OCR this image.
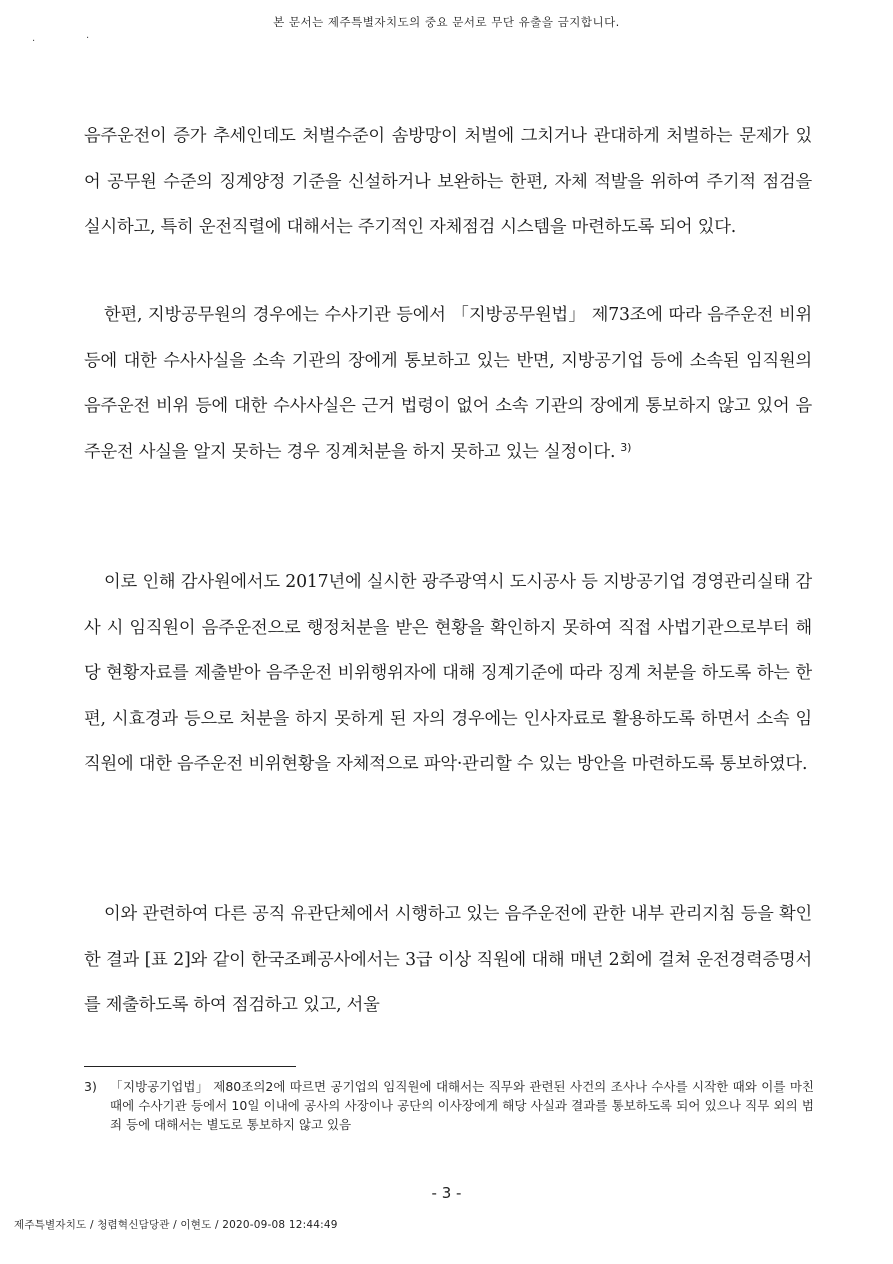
본 문서는 제주특별자치도의 중요 문서로 무단 유출을 금지합니다.
·	·

음주운전이 증가 추세인데도 처벌수준이 솜방망이 처벌에 그치거나 관대하게 처벌하는 문제가 있어 공무원 수준의 징계양정 기준을 신설하거나 보완하는 한편, 자체 적발을 위하여 주기적 점검을 실시하고, 특히 운전직렬에 대해서는 주기적인 자체점검 시스템을 마련하도록 되어 있다.

한편, 지방공무원의 경우에는 수사기관 등에서 「지방공무원법」 제73조에 따라 음주운전 비위 등에 대한 수사사실을 소속 기관의 장에게 통보하고 있는 반면, 지방공기업 등에 소속된 임직원의 음주운전 비위 등에 대한 수사사실은 근거 법령이 없어 소속 기관의 장에게 통보하지 않고 있어 음주운전 사실을 알지 못하는 경우 징계처분을 하지 못하고 있는 실정이다. $^{3)}$

이로 인해 감사원에서도 2017년에 실시한 광주광역시 도시공사 등 지방공기업 경영관리실태 감사 시 임직원이 음주운전으로 행정처분을 받은 현황을 확인하지 못하여 직접 사법기관으로부터 해당 현황자료를 제출받아 음주운전 비위행위자에 대해 징계기준에 따라 징계 처분을 하도록 하는 한편, 시효경과 등으로 처분을 하지 못하게 된 자의 경우에는 인사자료로 활용하도록 하면서 소속 임직원에 대한 음주운전 비위현황을 자체적으로 파악·관리할 수 있는 방안을 마련하도록 통보하였다.

이와 관련하여 다른 공직 유관단체에서 시행하고 있는 음주운전에 관한 내부 관리지침 등을 확인한 결과 [표 2]와 같이 한국조폐공사에서는 3급 이상 직원에 대해 매년 2회에 걸쳐 운전경력증명서를 제출하도록 하여 점검하고 있고, 서울

3)	「지방공기업법」 제80조의2에 따르면 공기업의 임직원에 대해서는 직무와 관련된 사건의 조사나 수사를 시작한 때와 이를 마친 때에 수사기관 등에서 10일 이내에 공사의 사장이나 공단의 이사장에게 해당 사실과 결과를 통보하도록 되어 있으나 직무 외의 범죄 등에 대해서는 별도로 통보하지 않고 있음
- 3 -
제주특별자치도 / 청렴혁신담당관 / 이현도 / 2020-09-08 12:44:49
